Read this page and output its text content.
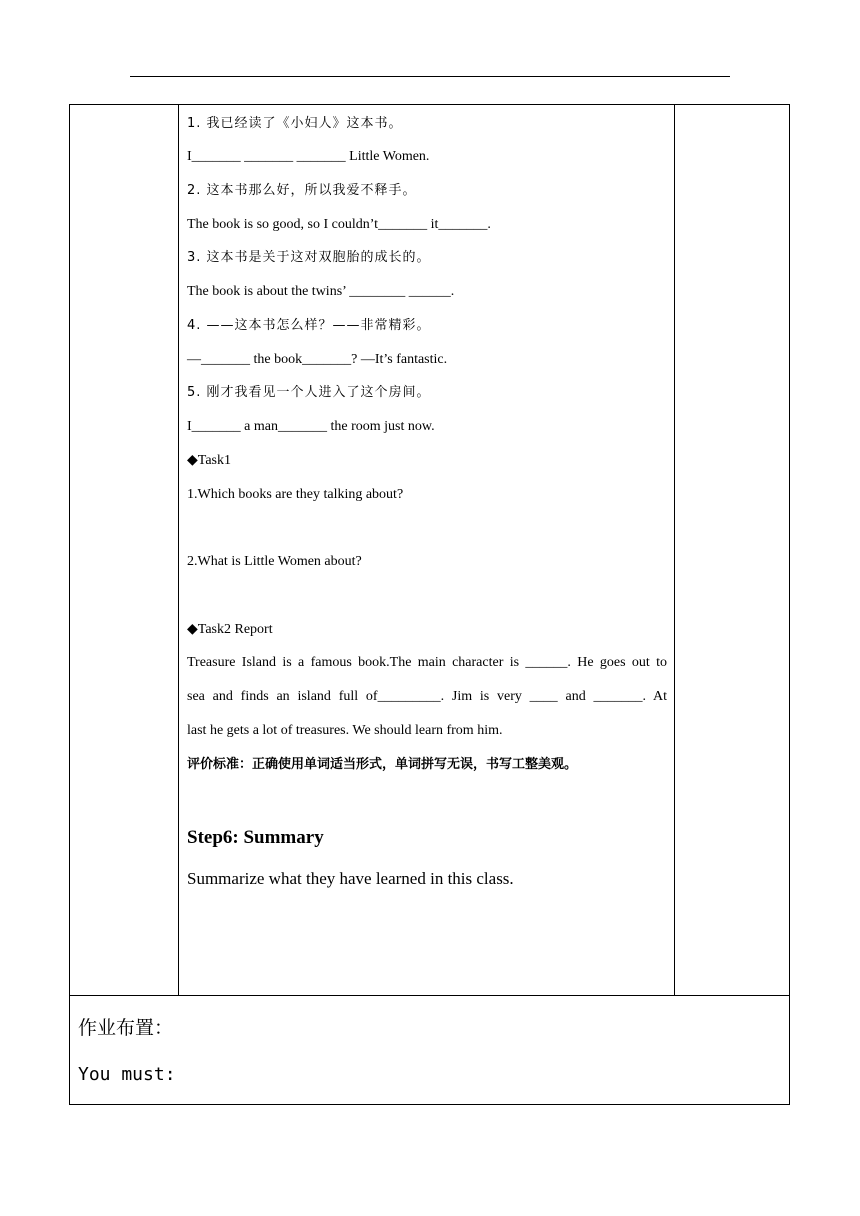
1. 我已经读了《小妇人》这本书。
I_______ _______ _______ Little Women.
2. 这本书那么好，所以我爱不释手。
The book is so good, so I couldn’t_______ it_______.
3. 这本书是关于这对双胞胎的成长的。
The book is about the twins’ ________ ______.
4. ——这本书怎么样？——非常精彩。
—_______ the book_______? —It’s fantastic.
5. 刚才我看见一个人进入了这个房间。
I_______ a man_______ the room just now.
◆Task1
1.Which books are they talking about?
2.What is Little Women about?
◆Task2 Report
Treasure Island is a famous book.The main character is ______. He goes out to
sea and finds an island full of_________. Jim is very ____ and _______. At
last he gets a lot of treasures. We should learn from him.
评价标准：正确使用单词适当形式，单词拼写无误，书写工整美观。
Step6: Summary
Summarize what they have learned in this class.
作业布置：
You must:
